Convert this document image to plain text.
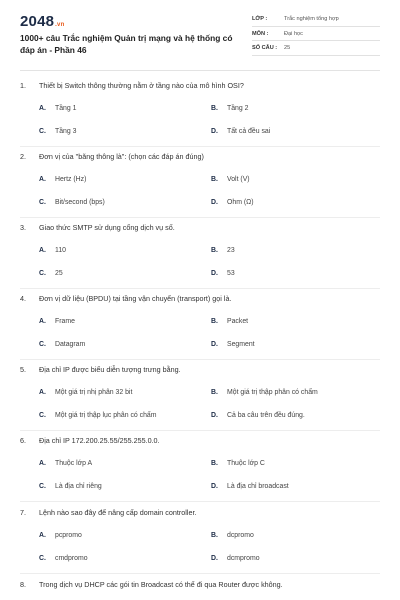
2048.vn
1000+ câu Trắc nghiệm Quản trị mạng và hệ thống có đáp án - Phần 46
LỚP :	Trắc nghiệm tổng hợp
MÔN :	Đại học
SỐ CÂU : 25
1. Thiết bị Switch thông thường nằm ở tầng nào của mô hình OSI?
A. Tầng 1	B. Tầng 2
C. Tầng 3	D. Tất cả đều sai
2. Đơn vị của "băng thông là": (chọn các đáp án đúng)
A. Hertz (Hz)	B. Volt (V)
C. Bit/second (bps)	D. Ohm (Ω)
3. Giao thức SMTP sử dụng cổng dịch vụ số.
A. 110	B. 23
C. 25	D. 53
4. Đơn vị dữ liệu (BPDU) tại tầng vận chuyển (transport) gọi là.
A. Frame	B. Packet
C. Datagram	D. Segment
5. Địa chỉ IP được biểu diễn tượng trưng bằng.
A. Một giá trị nhị phân 32 bit	B. Một giá trị thập phân có chấm
C. Một giá trị thập lục phân có chấm	D. Cả ba câu trên đều đúng.
6. Địa chỉ IP 172.200.25.55/255.255.0.0.
A. Thuộc lớp A	B. Thuộc lớp C
C. Là địa chỉ riêng	D. Là địa chỉ broadcast
7. Lệnh nào sao đây để nâng cấp domain controller.
A. pcpromo	B. dcpromo
C. cmdpromo	D. dcmpromo
8. Trong dịch vụ DHCP các gói tin Broadcast có thể đi qua Router được không.
